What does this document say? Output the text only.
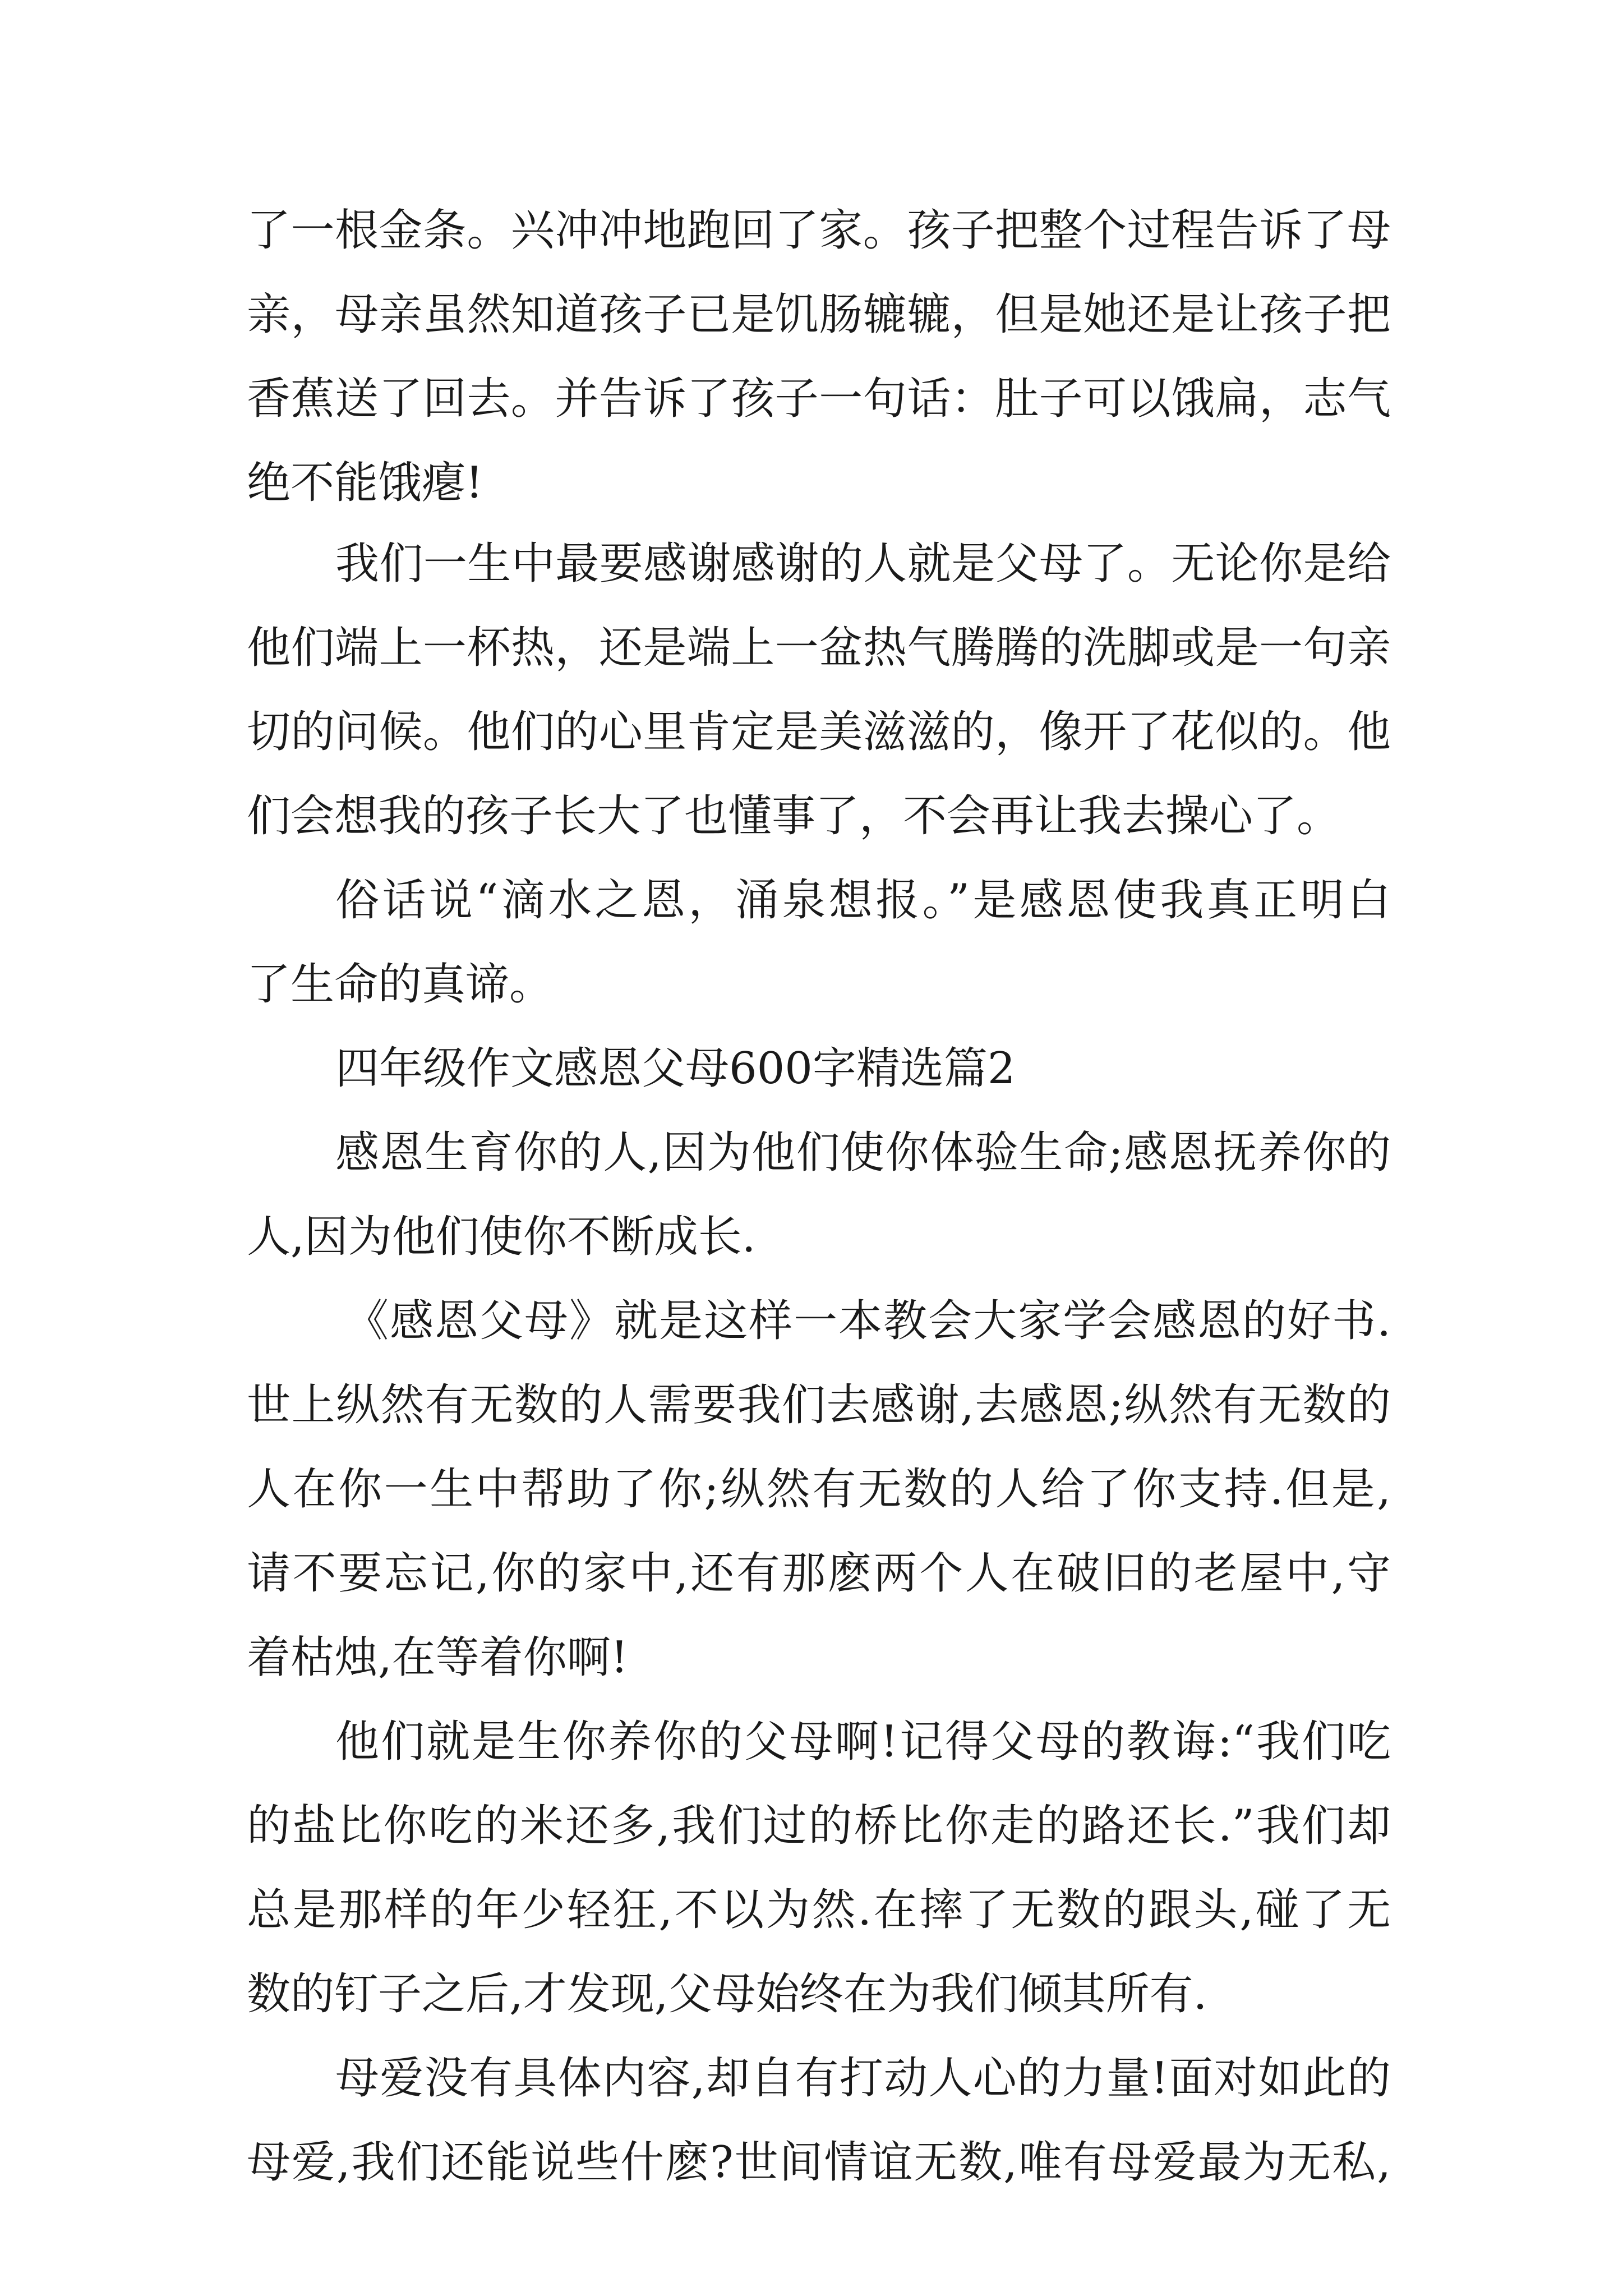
了一根金条。兴冲冲地跑回了家。孩子把整个过程告诉了母
亲，母亲虽然知道孩子已是饥肠辘辘，但是她还是让孩子把
香蕉送了回去。并告诉了孩子一句话：肚子可以饿扁，志气
绝不能饿瘪!
我们一生中最要感谢感谢的人就是父母了。无论你是给
他们端上一杯热，还是端上一盆热气腾腾的洗脚或是一句亲
切的问候。他们的心里肯定是美滋滋的，像开了花似的。他
们会想我的孩子长大了也懂事了，不会再让我去操心了。
俗话说“滴水之恩，涌泉想报。”是感恩使我真正明白
了生命的真谛。
四年级作文感恩父母600字精选篇2
感恩生育你的人,因为他们使你体验生命;感恩抚养你的
人,因为他们使你不断成长.
《感恩父母》就是这样一本教会大家学会感恩的好书.
世上纵然有无数的人需要我们去感谢,去感恩;纵然有无数的
人在你一生中帮助了你;纵然有无数的人给了你支持.但是,
请不要忘记,你的家中,还有那麽两个人在破旧的老屋中,守
着枯烛,在等着你啊!
他们就是生你养你的父母啊!记得父母的教诲:“我们吃
的盐比你吃的米还多,我们过的桥比你走的路还长.”我们却
总是那样的年少轻狂,不以为然.在摔了无数的跟头,碰了无
数的钉子之后,才发现,父母始终在为我们倾其所有.
母爱没有具体内容,却自有打动人心的力量!面对如此的
母爱,我们还能说些什麽?世间情谊无数,唯有母爱最为无私,
